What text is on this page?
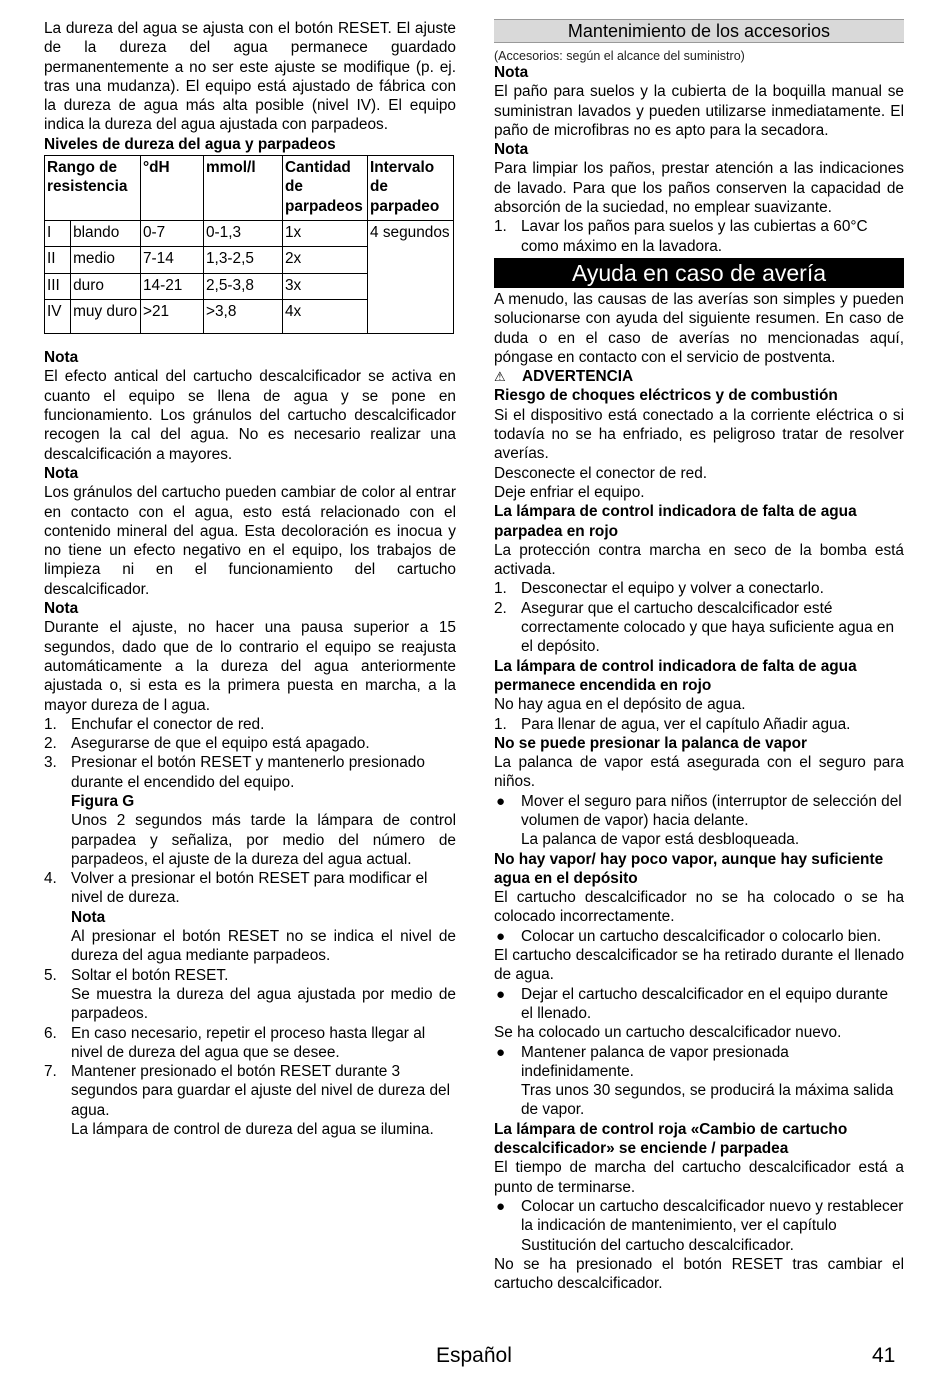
La dureza del agua se ajusta con el botón RESET. El ajuste de la dureza del agua permanece guardado permanentemente a no ser este ajuste se modifique (p. ej. tras una mudanza). El equipo está ajustado de fábrica con la dureza de agua más alta posible (nivel IV). El equipo indica la dureza del agua ajustada con parpadeos.

Niveles de dureza del agua y parpadeos

Rango de resistencia		°dH	mmol/l	Cantidad de parpadeos	Intervalo de parpadeo
I	blando	0-7	0-1,3	1x	4 segundos
II	medio	7-14	1,3-2,5	2x	
III	duro	14-21	2,5-3,8	3x	
IV	muy duro	>21	>3,8	4x	

Nota

El efecto antical del cartucho descalcificador se activa en cuanto el equipo se llena de agua y se pone en funcionamiento. Los gránulos del cartucho descalcificador recogen la cal del agua. No es necesario realizar una descalcificación a mayores.

Nota

Los gránulos del cartucho pueden cambiar de color al entrar en contacto con el agua, esto está relacionado con el contenido mineral del agua. Esta decoloración es inocua y no tiene un efecto negativo en el equipo, los trabajos de limpieza ni en el funcionamiento del cartucho descalcificador.

Nota

Durante el ajuste, no hacer una pausa superior a 15 segundos, dado que de lo contrario el equipo se reajusta automáticamente a la dureza del agua anteriormente ajustada o, si esta es la primera puesta en marcha, a la mayor dureza de l agua.

1. Enchufar el conector de red.
2. Asegurarse de que el equipo está apagado.
3. Presionar el botón RESET y mantenerlo presionado durante el encendido del equipo.

Figura G

Unos 2 segundos más tarde la lámpara de control parpadea y señaliza, por medio del número de parpadeos, el ajuste de la dureza del agua actual.

4. Volver a presionar el botón RESET para modificar el nivel de dureza.

Nota

Al presionar el botón RESET no se indica el nivel de dureza del agua mediante parpadeos.

5. Soltar el botón RESET.

Se muestra la dureza del agua ajustada por medio de parpadeos.

6. En caso necesario, repetir el proceso hasta llegar al nivel de dureza del agua que se desee.
7. Mantener presionado el botón RESET durante 3 segundos para guardar el ajuste del nivel de dureza del agua.

La lámpara de control de dureza del agua se ilumina.

Mantenimiento de los accesorios

(Accesorios: según el alcance del suministro)

Nota

El paño para suelos y la cubierta de la boquilla manual se suministran lavados y pueden utilizarse inmediatamente. El paño de microfibras no es apto para la secadora.

Nota

Para limpiar los paños, prestar atención a las indicaciones de lavado. Para que los paños conserven la capacidad de absorción de la suciedad, no emplear suavizante.

1. Lavar los paños para suelos y las cubiertas a 60°C como máximo en la lavadora.
Ayuda en caso de avería

A menudo, las causas de las averías son simples y pueden solucionarse con ayuda del siguiente resumen. En caso de duda o en el caso de averías no mencionadas aquí, póngase en contacto con el servicio de postventa.

⚠ ADVERTENCIA

Riesgo de choques eléctricos y de combustión

Si el dispositivo está conectado a la corriente eléctrica o si todavía no se ha enfriado, es peligroso tratar de resolver averías.

Desconecte el conector de red.

Deje enfriar el equipo.

La lámpara de control indicadora de falta de agua parpadea en rojo

La protección contra marcha en seco de la bomba está activada.

1. Desconectar el equipo y volver a conectarlo.
2. Asegurar que el cartucho descalcificador esté correctamente colocado y que haya suficiente agua en el depósito.

La lámpara de control indicadora de falta de agua permanece encendida en rojo

No hay agua en el depósito de agua.

1. Para llenar de agua, ver el capítulo Añadir agua.

No se puede presionar la palanca de vapor

La palanca de vapor está asegurada con el seguro para niños.

● Mover el seguro para niños (interruptor de selección del volumen de vapor) hacia delante.

La palanca de vapor está desbloqueada.

No hay vapor/ hay poco vapor, aunque hay suficiente agua en el depósito

El cartucho descalcificador no se ha colocado o se ha colocado incorrectamente.

● Colocar un cartucho descalcificador o colocarlo bien.

El cartucho descalcificador se ha retirado durante el llenado de agua.

● Dejar el cartucho descalcificador en el equipo durante el llenado.

Se ha colocado un cartucho descalcificador nuevo.

● Mantener palanca de vapor presionada indefinidamente.

Tras unos 30 segundos, se producirá la máxima salida de vapor.

La lámpara de control roja «Cambio de cartucho descalcificador» se enciende / parpadea

El tiempo de marcha del cartucho descalcificador está a punto de terminarse.

● Colocar un cartucho descalcificador nuevo y restablecer la indicación de mantenimiento, ver el capítulo Sustitución del cartucho descalcificador.

No se ha presionado el botón RESET tras cambiar el cartucho descalcificador.

Español	41
